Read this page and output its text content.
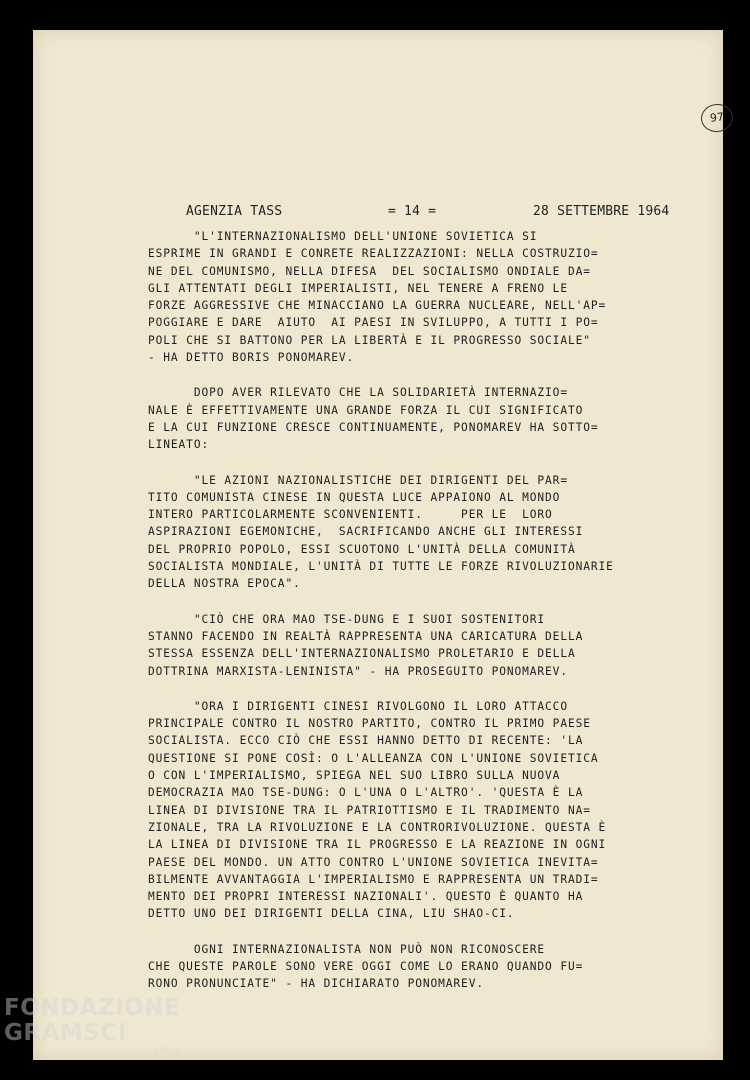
97
AGENZIA TASS	= 14 =	28 SETTEMBRE 1964
"L'INTERNAZIONALISMO DELL'UNIONE SOVIETICA SI
ESPRIME IN GRANDI E CONRETE REALIZZAZIONI: NELLA COSTRUZIO=
NE DEL COMUNISMO, NELLA DIFESA  DEL SOCIALISMO ONDIALE DA=
GLI ATTENTATI DEGLI IMPERIALISTI, NEL TENERE A FRENO LE
FORZE AGGRESSIVE CHE MINACCIANO LA GUERRA NUCLEARE, NELL'AP=
POGGIARE E DARE  AIUTO  AI PAESI IN SVILUPPO, A TUTTI I PO=
POLI CHE SI BATTONO PER LA LIBERTÀ E IL PROGRESSO SOCIALE"
- HA DETTO BORIS PONOMAREV.
DOPO AVER RILEVATO CHE LA SOLIDARIETÀ INTERNAZIO=
NALE È EFFETTIVAMENTE UNA GRANDE FORZA IL CUI SIGNIFICATO
E LA CUI FUNZIONE CRESCE CONTINUAMENTE, PONOMAREV HA SOTTO=
LINEATO:
"LE AZIONI NAZIONALISTICHE DEI DIRIGENTI DEL PAR=
TITO COMUNISTA CINESE IN QUESTA LUCE APPAIONO AL MONDO
INTERO PARTICOLARMENTE SCONVENIENTI.     PER LE  LORO
ASPIRAZIONI EGEMONICHE,  SACRIFICANDO ANCHE GLI INTERESSI
DEL PROPRIO POPOLO, ESSI SCUOTONO L'UNITÀ DELLA COMUNITÀ
SOCIALISTA MONDIALE, L'UNITÀ DI TUTTE LE FORZE RIVOLUZIONARIE
DELLA NOSTRA EPOCA".
"CIÒ CHE ORA MAO TSE-DUNG E I SUOI SOSTENITORI
STANNO FACENDO IN REALTÀ RAPPRESENTA UNA CARICATURA DELLA
STESSA ESSENZA DELL'INTERNAZIONALISMO PROLETARIO E DELLA
DOTTRINA MARXISTA-LENINISTA" - HA PROSEGUITO PONOMAREV.
"ORA I DIRIGENTI CINESI RIVOLGONO IL LORO ATTACCO
PRINCIPALE CONTRO IL NOSTRO PARTITO, CONTRO IL PRIMO PAESE
SOCIALISTA. ECCO CIÒ CHE ESSI HANNO DETTO DI RECENTE: 'LA
QUESTIONE SI PONE COSÌ: O L'ALLEANZA CON L'UNIONE SOVIETICA
O CON L'IMPERIALISMO, SPIEGA NEL SUO LIBRO SULLA NUOVA
DEMOCRAZIA MAO TSE-DUNG: O L'UNA O L'ALTRO'. 'QUESTA È LA
LINEA DI DIVISIONE TRA IL PATRIOTTISMO E IL TRADIMENTO NA=
ZIONALE, TRA LA RIVOLUZIONE E LA CONTRORIVOLUZIONE. QUESTA È
LA LINEA DI DIVISIONE TRA IL PROGRESSO E LA REAZIONE IN OGNI
PAESE DEL MONDO. UN ATTO CONTRO L'UNIONE SOVIETICA INEVITA=
BILMENTE AVVANTAGGIA L'IMPERIALISMO E RAPPRESENTA UN TRADI=
MENTO DEI PROPRI INTERESSI NAZIONALI'. QUESTO È QUANTO HA
DETTO UNO DEI DIRIGENTI DELLA CINA, LIU SHAO-CI.
OGNI INTERNAZIONALISTA NON PUÒ NON RICONOSCERE
CHE QUESTE PAROLE SONO VERE OGGI COME LO ERANO QUANDO FU=
RONO PRONUNCIATE" - HA DICHIARATO PONOMAREV.
FONDAZIONE
GRAMSCI
onlus
